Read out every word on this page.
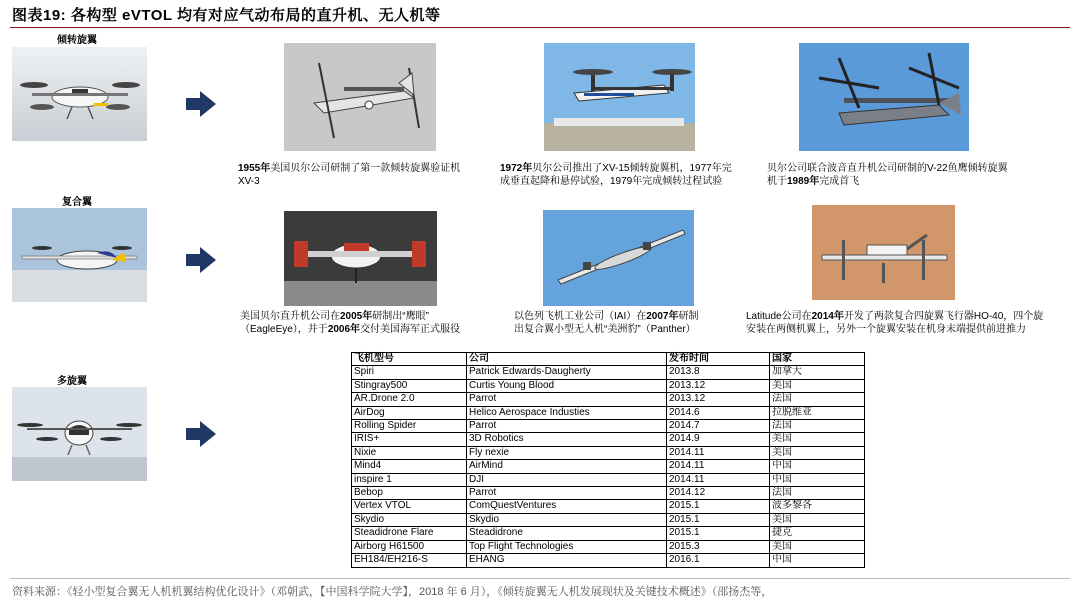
图表19: 各构型 eVTOL 均有对应气动布局的直升机、无人机等
倾转旋翼
1955年美国贝尔公司研制了第一款倾转旋翼验证机
XV-3
1972年贝尔公司推出了XV-15倾转旋翼机，1977年完
成垂直起降和悬停试验，1979年完成倾转过程试验
贝尔公司联合波音直升机公司研制的V-22鱼鹰倾转旋翼
机于1989年完成首飞
复合翼
美国贝尔直升机公司在2005年研制出“鹰眼”
（EagleEye），并于2006年交付美国海军正式服役
以色列飞机工业公司（IAI）在2007年研制
出复合翼小型无人机“美洲豹”（Panther）
Latitude公司在2014年开发了两款复合四旋翼飞行器HO-40，四个旋
安装在两侧机翼上，另外一个旋翼安装在机身末端提供前进推力
多旋翼
飞机型号	公司	发布时间	国家
Spiri	Patrick Edwards-Daugherty	2013.8	加拿大
Stingray500	Curtis Young Blood	2013.12	美国
AR.Drone 2.0	Parrot	2013.12	法国
AirDog	Helico Aerospace Industies	2014.6	拉脱维亚
Rolling Spider	Parrot	2014.7	法国
IRIS+	3D Robotics	2014.9	美国
Nixie	Fly nexie	2014.11	美国
Mind4	AirMind	2014.11	中国
inspire 1	DJI	2014.11	中国
Bebop	Parrot	2014.12	法国
Vertex VTOL	ComQuestVentures	2015.1	波多黎各
Skydio	Skydio	2015.1	美国
Steadidrone Flare	Steadidrone	2015.1	捷克
Airborg H61500	Top Flight Technologies	2015.3	美国
EH184/EH216-S	EHANG	2016.1	中国
资料来源：《轻小型复合翼无人机机翼结构优化设计》（邓朝武，【中国科学院大学】，2018 年 6 月），《倾转旋翼无人机发展现状及关键技术概述》（邵扬杰等，
